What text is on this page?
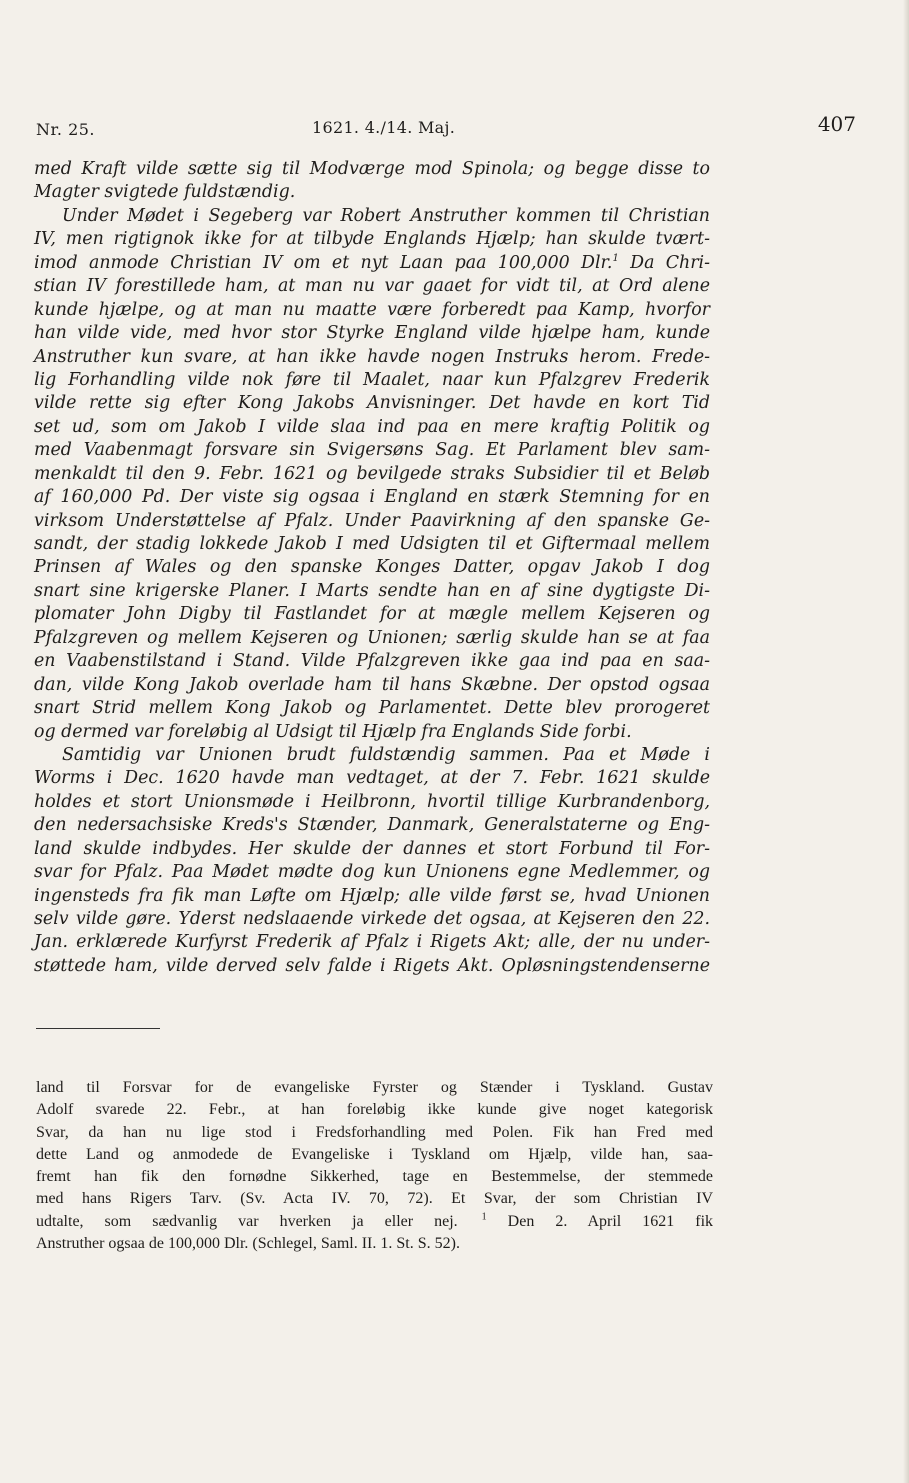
Nr. 25.	1621. 4./14. Maj.	407
med Kraft vilde sætte sig til Modværge mod Spinola; og begge disse to
Magter svigtede fuldstændig.
Under Mødet i Segeberg var Robert Anstruther kommen til Christian
IV, men rigtignok ikke for at tilbyde Englands Hjælp; han skulde tvært-
imod anmode Christian IV om et nyt Laan paa 100,000 Dlr.$^1$ Da Chri-
stian IV forestillede ham, at man nu var gaaet for vidt til, at Ord alene
kunde hjælpe, og at man nu maatte være forberedt paa Kamp, hvorfor
han vilde vide, med hvor stor Styrke England vilde hjælpe ham, kunde
Anstruther kun svare, at han ikke havde nogen Instruks herom. Frede-
lig Forhandling vilde nok føre til Maalet, naar kun Pfalzgrev Frederik
vilde rette sig efter Kong Jakobs Anvisninger. Det havde en kort Tid
set ud, som om Jakob I vilde slaa ind paa en mere kraftig Politik og
med Vaabenmagt forsvare sin Svigersøns Sag. Et Parlament blev sam-
menkaldt til den 9. Febr. 1621 og bevilgede straks Subsidier til et Beløb
af 160,000 Pd. Der viste sig ogsaa i England en stærk Stemning for en
virksom Understøttelse af Pfalz. Under Paavirkning af den spanske Ge-
sandt, der stadig lokkede Jakob I med Udsigten til et Giftermaal mellem
Prinsen af Wales og den spanske Konges Datter, opgav Jakob I dog
snart sine krigerske Planer. I Marts sendte han en af sine dygtigste Di-
plomater John Digby til Fastlandet for at mægle mellem Kejseren og
Pfalzgreven og mellem Kejseren og Unionen; særlig skulde han se at faa
en Vaabenstilstand i Stand. Vilde Pfalzgreven ikke gaa ind paa en saa-
dan, vilde Kong Jakob overlade ham til hans Skæbne. Der opstod ogsaa
snart Strid mellem Kong Jakob og Parlamentet. Dette blev prorogeret
og dermed var foreløbig al Udsigt til Hjælp fra Englands Side forbi.
Samtidig var Unionen brudt fuldstændig sammen. Paa et Møde i
Worms i Dec. 1620 havde man vedtaget, at der 7. Febr. 1621 skulde
holdes et stort Unionsmøde i Heilbronn, hvortil tillige Kurbrandenborg,
den nedersachsiske Kreds's Stænder, Danmark, Generalstaterne og Eng-
land skulde indbydes. Her skulde der dannes et stort Forbund til For-
svar for Pfalz. Paa Mødet mødte dog kun Unionens egne Medlemmer, og
ingensteds fra fik man Løfte om Hjælp; alle vilde først se, hvad Unionen
selv vilde gøre. Yderst nedslaaende virkede det ogsaa, at Kejseren den 22.
Jan. erklærede Kurfyrst Frederik af Pfalz i Rigets Akt; alle, der nu under-
støttede ham, vilde derved selv falde i Rigets Akt. Opløsningstendenserne
land til Forsvar for de evangeliske Fyrster og Stænder i Tyskland. Gustav
Adolf svarede 22. Febr., at han foreløbig ikke kunde give noget kategorisk
Svar, da han nu lige stod i Fredsforhandling med Polen. Fik han Fred med
dette Land og anmodede de Evangeliske i Tyskland om Hjælp, vilde han, saa-
fremt han fik den fornødne Sikkerhed, tage en Bestemmelse, der stemmede
med hans Rigers Tarv. (Sv. Acta IV. 70, 72). Et Svar, der som Christian IV
udtalte, som sædvanlig var hverken ja eller nej.   $^1$ Den 2. April 1621 fik
Anstruther ogsaa de 100,000 Dlr. (Schlegel, Saml. II. 1. St. S. 52).
